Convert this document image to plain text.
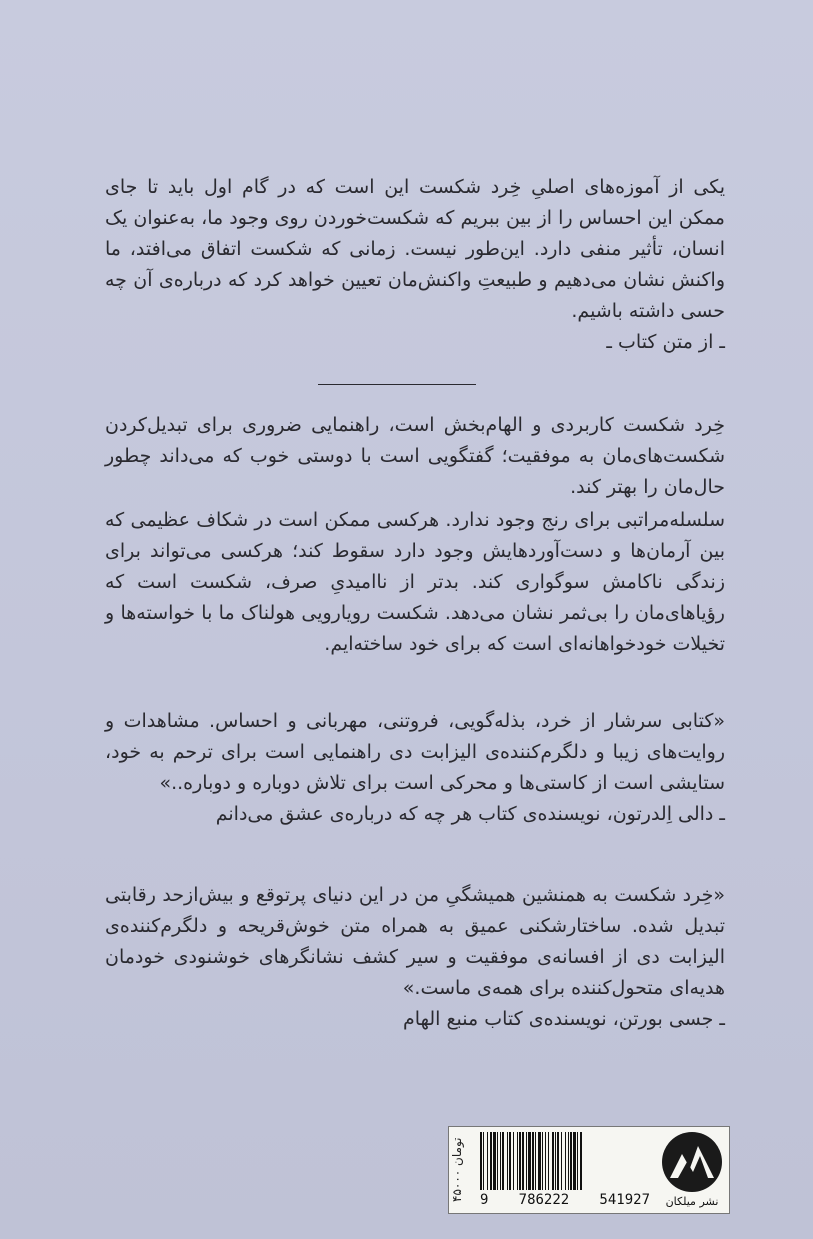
یکی از آموزه‌های اصلیِ خِرد شکست این است که در گام اول باید تا جای ممکن این احساس را از بین ببریم که شکست‌خوردن روی وجود ما، به‌عنوان یک انسان، تأثیر منفی دارد. این‌طور نیست. زمانی که شکست اتفاق می‌افتد، ما واکنش نشان می‌دهیم و طبیعتِ واکنش‌مان تعیین خواهد کرد که درباره‌ی آن چه حسی داشته باشیم.

ـ از متن کتاب ـ

خِرد شکست کاربردی و الهام‌بخش است، راهنمایی ضروری برای تبدیل‌کردن شکست‌های‌مان به موفقیت؛ گفتگویی است با دوستی خوب که می‌داند چطور حال‌مان را بهتر کند.

سلسله‌مراتبی برای رنج وجود ندارد. هرکسی ممکن است در شکاف عظیمی که بین آرمان‌ها و دست‌آوردهایش وجود دارد سقوط کند؛ هرکسی می‌تواند برای زندگی ناکامش سوگواری کند. بدتر از ناامیدیِ صرف، شکست است که رؤیاهای‌مان را بی‌ثمر نشان می‌دهد. شکست رویارویی هولناک ما با خواسته‌ها و تخیلات خودخواهانه‌ای است که برای خود ساخته‌ایم.

«کتابی سرشار از خرد، بذله‌گویی، فروتنی، مهربانی و احساس. مشاهدات و روایت‌های زیبا و دلگرم‌کننده‌ی الیزابت دی راهنمایی است برای ترحم به خود، ستایشی است از کاستی‌ها و محرکی است برای تلاش دوباره و دوباره..»

ـ دالی اِلدرتون، نویسنده‌ی کتاب هر چه که درباره‌ی عشق می‌دانم

«خِرد شکست به همنشین همیشگیِ من در این دنیای پرتوقع و بیش‌ازحد رقابتی تبدیل شده. ساختارشکنی عمیق به همراه متن خوش‌قریحه و دلگرم‌کننده‌ی الیزابت دی از افسانه‌ی موفقیت و سیر کشف نشانگرهای خوشنودی خودمان هدیه‌ای متحول‌کننده برای همه‌ی ماست.»

ـ جسی بورتن، نویسنده‌ی کتاب منبع الهام

۴۵۰۰۰ تومان
9 786222 541927	نشر میلکان
